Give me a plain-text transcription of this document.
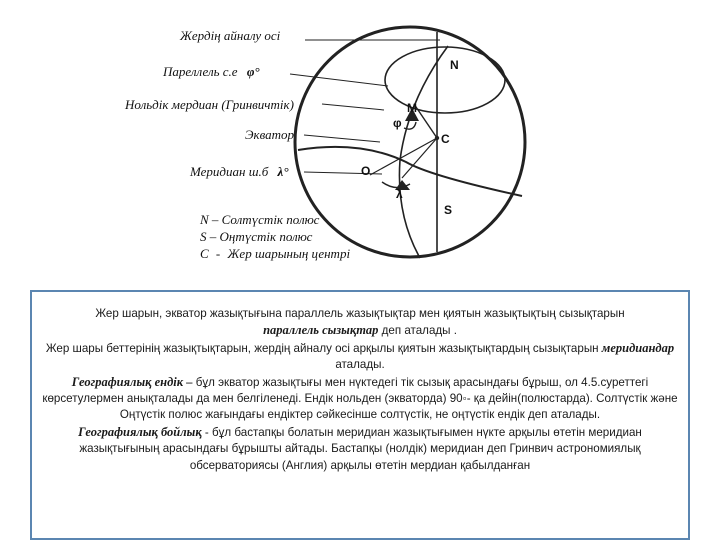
Жердің айналу осі
Пареллель с.е φ°
Нольдік мердиан (Гринвичтік)
Экватор
Меридиан ш.б λ°
N
M
φ
C
O
λ
S
N – Солтүстік полюс
S – Оңтүстік полюс
C - Жер шарының центрі

Жер шарын, экватор жазықтығына параллель жазықтықтар мен қиятын жазықтықтың сызықтарын
параллель сызықтар деп аталады .

Жер шары беттерінің жазықтықтарын, жердің айналу осі арқылы қиятын жазықтықтардың сызықтарын меридиандар аталады.

Географиялық ендік – бұл экватор жазықтығы мен нүктедегі тік сызық арасындағы бұрыш, ол 4.5.суреттегі көрсетулермен анықталады да мен белгіленеді. Ендік нольден (экваторда) 90◦- қа дейін(полюстарда). Солтүстік және Оңтүстік полюс жағындағы ендіктер сәйкесінше солтүстік, не оңтүстік ендік деп аталады.

Географиялық бойлық - бұл бастапқы болатын меридиан жазықтығымен нүкте арқылы өтетін меридиан жазықтығының арасындағы бұрышты айтады. Бастапқы (нолдік) меридиан деп Гринвич астрономиялық обсерваториясы (Англия) арқылы өтетін мердиан қабылданған
